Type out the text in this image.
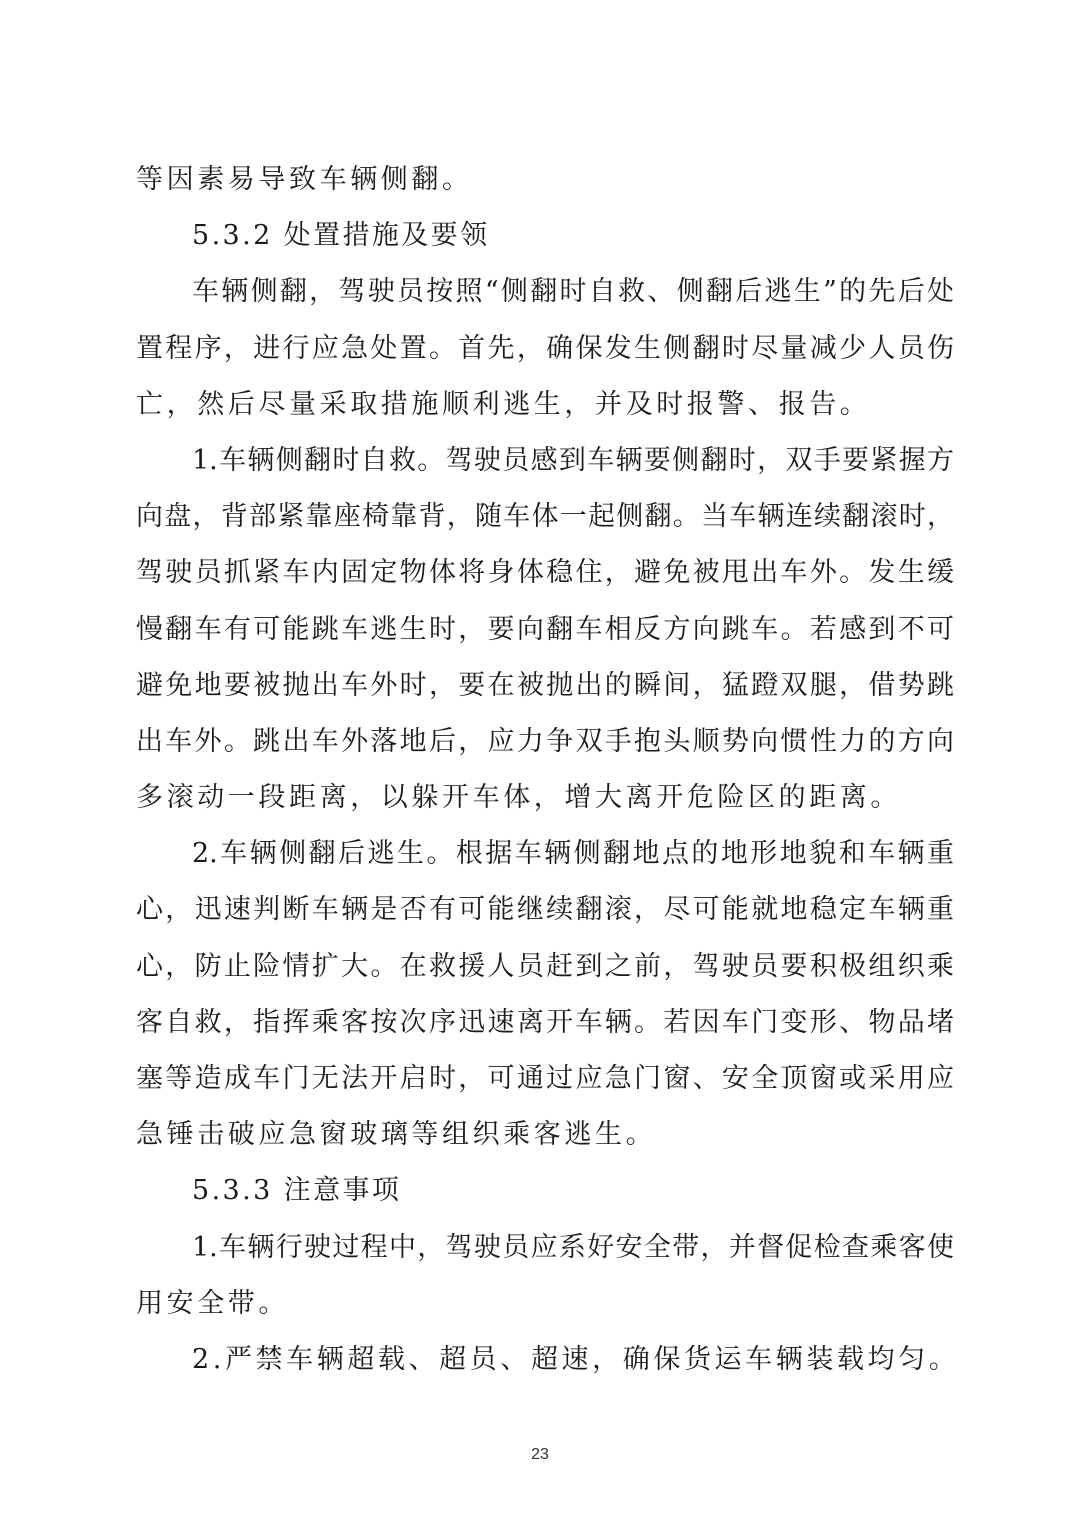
等因素易导致车辆侧翻。
5.3.2 处置措施及要领
车辆侧翻，驾驶员按照“侧翻时自救、侧翻后逃生”的先后处
置程序，进行应急处置。首先，确保发生侧翻时尽量减少人员伤
亡，然后尽量采取措施顺利逃生，并及时报警、报告。
1.车辆侧翻时自救。驾驶员感到车辆要侧翻时，双手要紧握方
向盘，背部紧靠座椅靠背，随车体一起侧翻。当车辆连续翻滚时，
驾驶员抓紧车内固定物体将身体稳住，避免被甩出车外。发生缓
慢翻车有可能跳车逃生时，要向翻车相反方向跳车。若感到不可
避免地要被抛出车外时，要在被抛出的瞬间，猛蹬双腿，借势跳
出车外。跳出车外落地后，应力争双手抱头顺势向惯性力的方向
多滚动一段距离，以躲开车体，增大离开危险区的距离。
2.车辆侧翻后逃生。根据车辆侧翻地点的地形地貌和车辆重
心，迅速判断车辆是否有可能继续翻滚，尽可能就地稳定车辆重
心，防止险情扩大。在救援人员赶到之前，驾驶员要积极组织乘
客自救，指挥乘客按次序迅速离开车辆。若因车门变形、物品堵
塞等造成车门无法开启时，可通过应急门窗、安全顶窗或采用应
急锤击破应急窗玻璃等组织乘客逃生。
5.3.3 注意事项
1.车辆行驶过程中，驾驶员应系好安全带，并督促检查乘客使
用安全带。
2.严禁车辆超载、超员、超速，确保货运车辆装载均匀。
23
